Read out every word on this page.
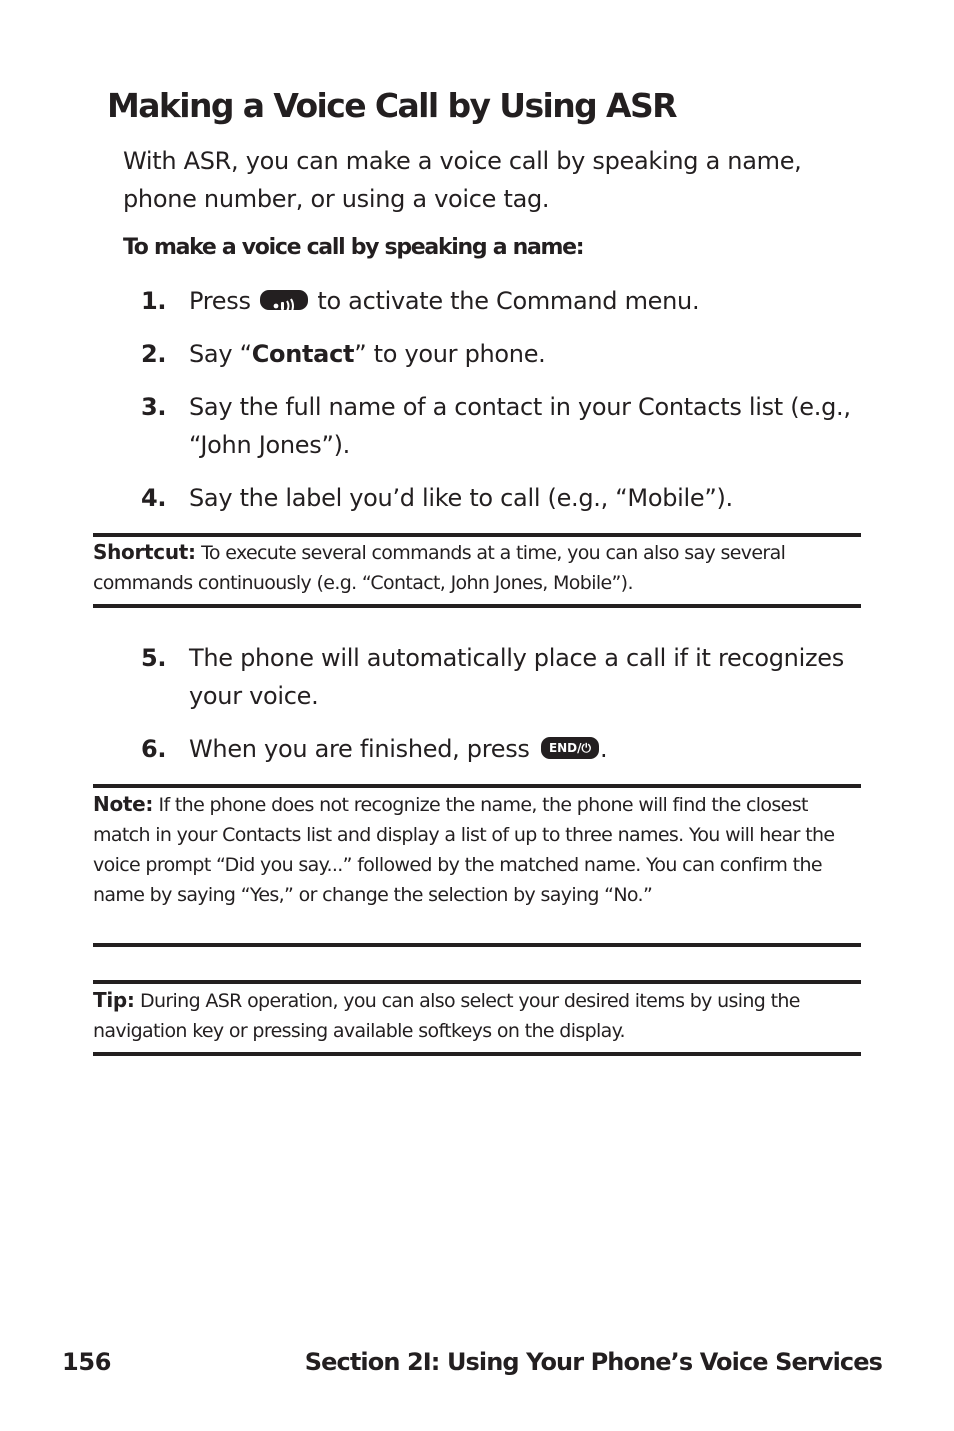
Making a Voice Call by Using ASR
With ASR, you can make a voice call by speaking a name, phone number, or using a voice tag.
To make a voice call by speaking a name:
1. Press	to activate the Command menu.
2. Say “Contact” to your phone.
3. Say the full name of a contact in your Contacts list (e.g., “John Jones”).
4. Say the label you’d like to call (e.g., “Mobile”).
Shortcut: To execute several commands at a time, you can also say several commands continuously (e.g. “Contact, John Jones, Mobile”).
5. The phone will automatically place a call if it recognizes your voice.
6. When you are finished, press END/⏻ .
Note: If the phone does not recognize the name, the phone will find the closest match in your Contacts list and display a list of up to three names. You will hear the voice prompt “Did you say...” followed by the matched name. You can confirm the name by saying “Yes,” or change the selection by saying “No.”
Tip: During ASR operation, you can also select your desired items by using the navigation key or pressing available softkeys on the display.
156	Section 2I: Using Your Phone’s Voice Services
